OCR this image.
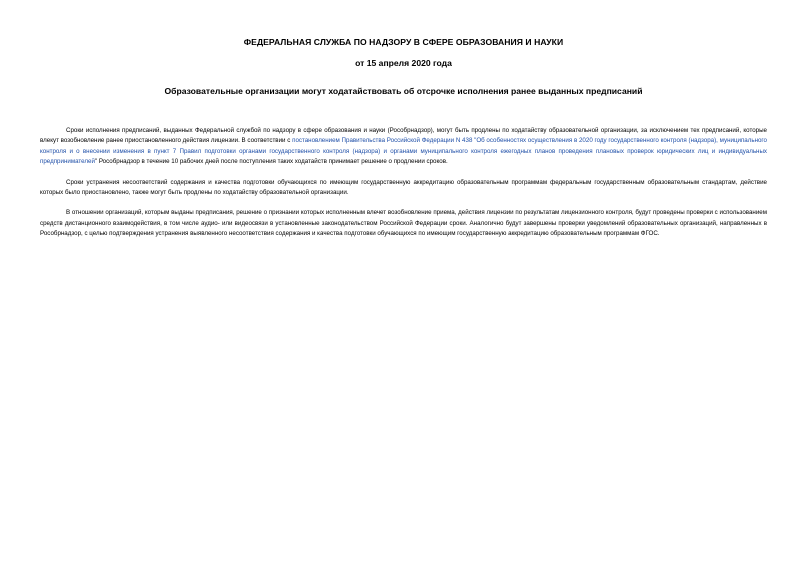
ФЕДЕРАЛЬНАЯ СЛУЖБА ПО НАДЗОРУ В СФЕРЕ ОБРАЗОВАНИЯ И НАУКИ
от 15 апреля 2020 года
Образовательные организации могут ходатайствовать об отсрочке исполнения ранее выданных предписаний

Сроки исполнения предписаний, выданных Федеральной службой по надзору в сфере образования и науки (Рособрнадзор), могут быть продлены по ходатайству образовательной организации, за исключением тех предписаний, которые влекут возобновление ранее приостановленного действия лицензии. В соответствии с постановлением Правительства Российской Федерации N 438 "Об особенностях осуществления в 2020 году государственного контроля (надзора), муниципального контроля и о внесении изменения в пункт 7 Правил подготовки органами государственного контроля (надзора) и органами муниципального контроля ежегодных планов проведения плановых проверок юридических лиц и индивидуальных предпринимателей" Рособрнадзор в течение 10 рабочих дней после поступления таких ходатайств принимает решение о продлении сроков.

Сроки устранения несоответствий содержания и качества подготовки обучающихся по имеющим государственную аккредитацию образовательным программам федеральным государственным образовательным стандартам, действие которых было приостановлено, также могут быть продлены по ходатайству образовательной организации.

В отношении организаций, которым выданы предписания, решение о признании которых исполненным влечет возобновление приема, действия лицензии по результатам лицензионного контроля, будут проведены проверки с использованием средств дистанционного взаимодействия, в том числе аудио- или видеосвязи в установленные законодательством Российской Федерации сроки. Аналогично будут завершены проверки уведомлений образовательных организаций, направленных в Рособрнадзор, с целью подтверждения устранения выявленного несоответствия содержания и качества подготовки обучающихся по имеющим государственную аккредитацию образовательным программам ФГОС.
